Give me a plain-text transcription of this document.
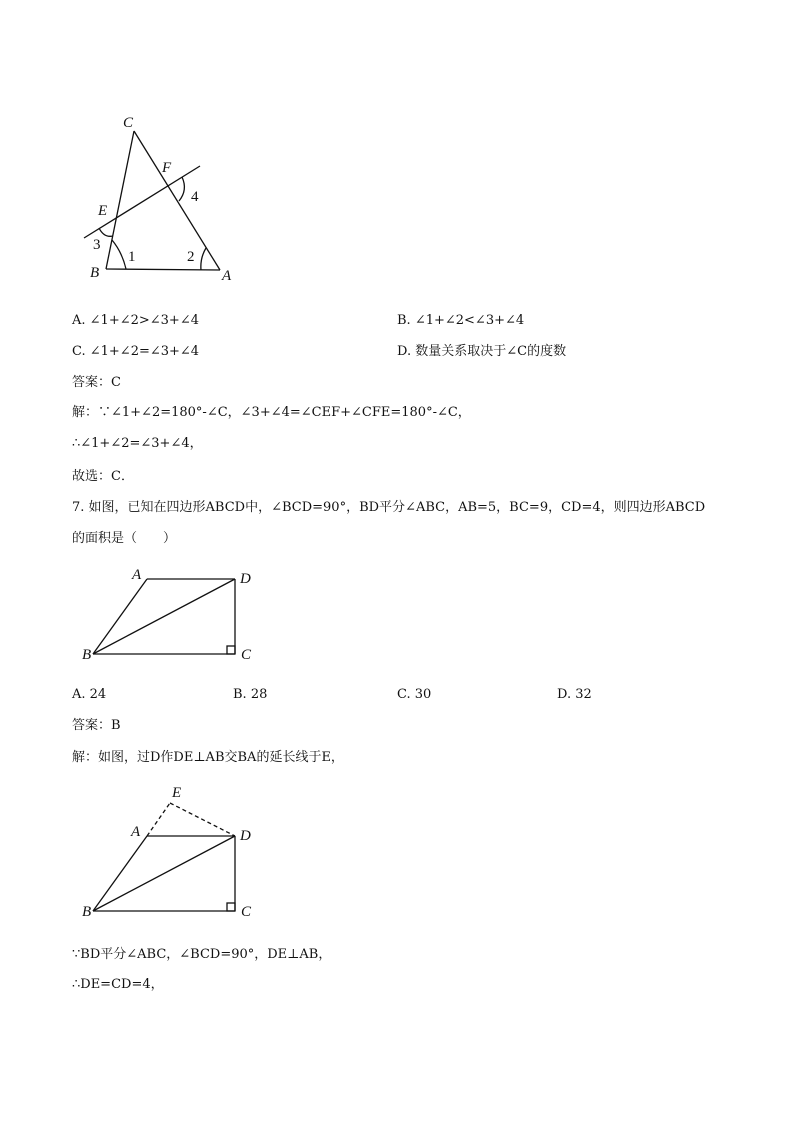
C
F
E
B	A
1	2
3
4
A. ∠1+∠2>∠3+∠4	B. ∠1+∠2<∠3+∠4
C. ∠1+∠2=∠3+∠4	D. 数量关系取决于∠C的度数
答案：C
解：∵∠1+∠2=180°-∠C，∠3+∠4=∠CEF+∠CFE=180°-∠C，
∴∠1+∠2=∠3+∠4，
故选：C．
7. 如图，已知在四边形ABCD中，∠BCD=90°，BD平分∠ABC，AB=5，BC=9，CD=4，则四边形ABCD
的面积是（　　）
A	D
B	C
A. 24	B. 28	C. 30	D. 32
答案：B
解：如图，过D作DE⊥AB交BA的延长线于E，
E
A	D
B	C
∵BD平分∠ABC，∠BCD=90°，DE⊥AB，
∴DE=CD=4，
